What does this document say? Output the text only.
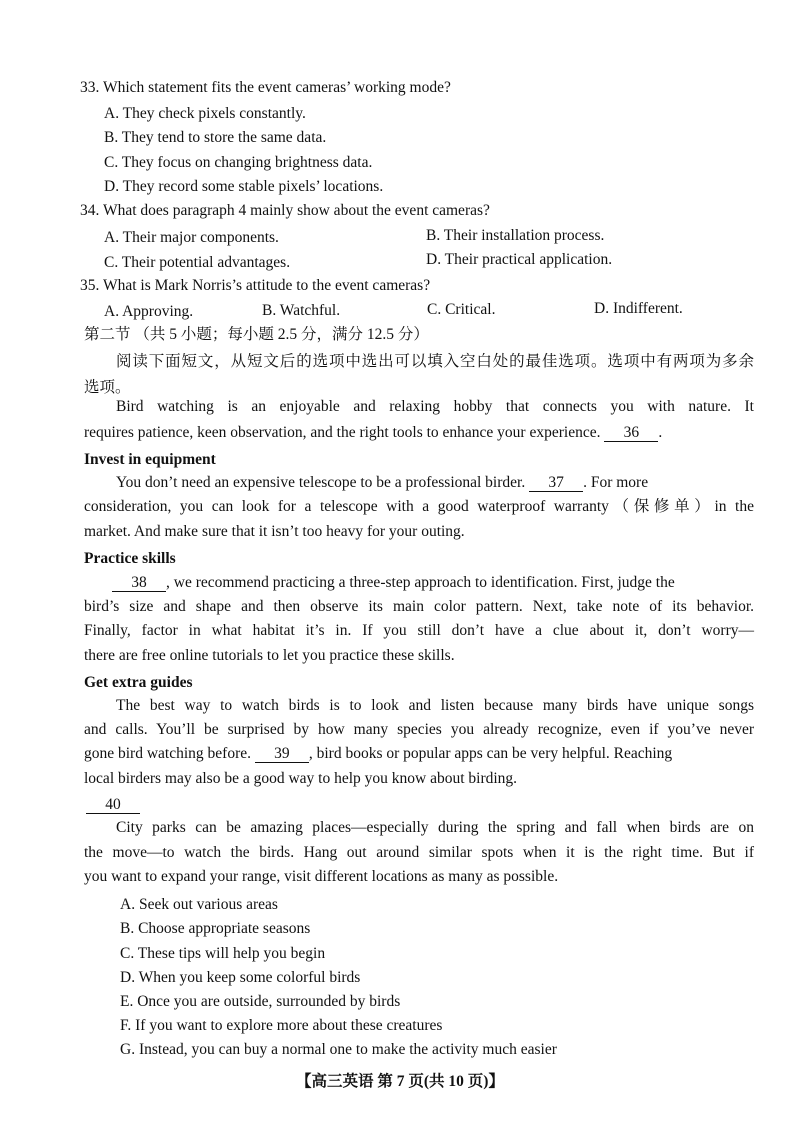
33. Which statement fits the event cameras’ working mode?
A. They check pixels constantly.
B. They tend to store the same data.
C. They focus on changing brightness data.
D. They record some stable pixels’ locations.
34. What does paragraph 4 mainly show about the event cameras?
A. Their major components.	B. Their installation process.
C. Their potential advantages.	D. Their practical application.
35. What is Mark Norris’s attitude to the event cameras?
A. Approving.	B. Watchful.	C. Critical.	D. Indifferent.
第二节 （共 5 小题；每小题 2.5 分，满分 12.5 分）
阅读下面短文，从短文后的选项中选出可以填入空白处的最佳选项。选项中有两项为多余
选项。
Bird watching is an enjoyable and relaxing hobby that connects you with nature. It
requires patience, keen observation, and the right tools to enhance your experience. 36 .
Invest in equipment
You don’t need an expensive telescope to be a professional birder. 37 . For more
consideration, you can look for a telescope with a good waterproof warranty（保修单）in the
market. And make sure that it isn’t too heavy for your outing.
Practice skills
38 , we recommend practicing a three-step approach to identification. First, judge the
bird’s size and shape and then observe its main color pattern. Next, take note of its behavior.
Finally, factor in what habitat it’s in. If you still don’t have a clue about it, don’t worry—
there are free online tutorials to let you practice these skills.
Get extra guides
The best way to watch birds is to look and listen because many birds have unique songs
and calls. You’ll be surprised by how many species you already recognize, even if you’ve never
gone bird watching before. 39 , bird books or popular apps can be very helpful. Reaching
local birders may also be a good way to help you know about birding.
40
City parks can be amazing places—especially during the spring and fall when birds are on
the move—to watch the birds. Hang out around similar spots when it is the right time. But if
you want to expand your range, visit different locations as many as possible.
A. Seek out various areas
B. Choose appropriate seasons
C. These tips will help you begin
D. When you keep some colorful birds
E. Once you are outside, surrounded by birds
F. If you want to explore more about these creatures
G. Instead, you can buy a normal one to make the activity much easier
【高三英语 第 7 页(共 10 页)】
